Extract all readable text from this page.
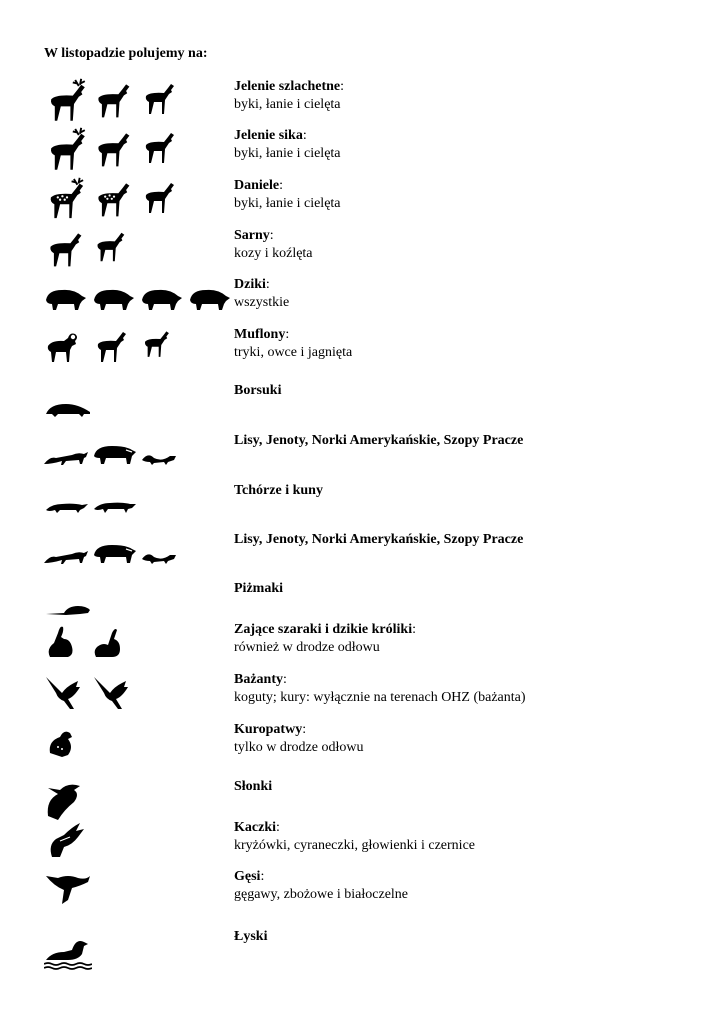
W listopadzie polujemy na:
Jelenie szlachetne:
byki, łanie i cielęta
Jelenie sika:
byki, łanie i cielęta
Daniele:
byki, łanie i cielęta
Sarny:
kozy i koźlęta
Dziki:
wszystkie
Muflony:
tryki, owce i jagnięta
Borsuki
Lisy, Jenoty, Norki Amerykańskie, Szopy Pracze
Tchórze i kuny
Lisy, Jenoty, Norki Amerykańskie, Szopy Pracze
Piżmaki
Zające szaraki i dzikie króliki:
również w drodze odłowu
Bażanty:
koguty; kury: wyłącznie na terenach OHZ (bażanta)
Kuropatwy:
tylko w drodze odłowu
Słonki
Kaczki:
kryżówki, cyraneczki, głowienki i czernice
Gęsi:
gęgawy, zbożowe i białoczelne
Łyski
